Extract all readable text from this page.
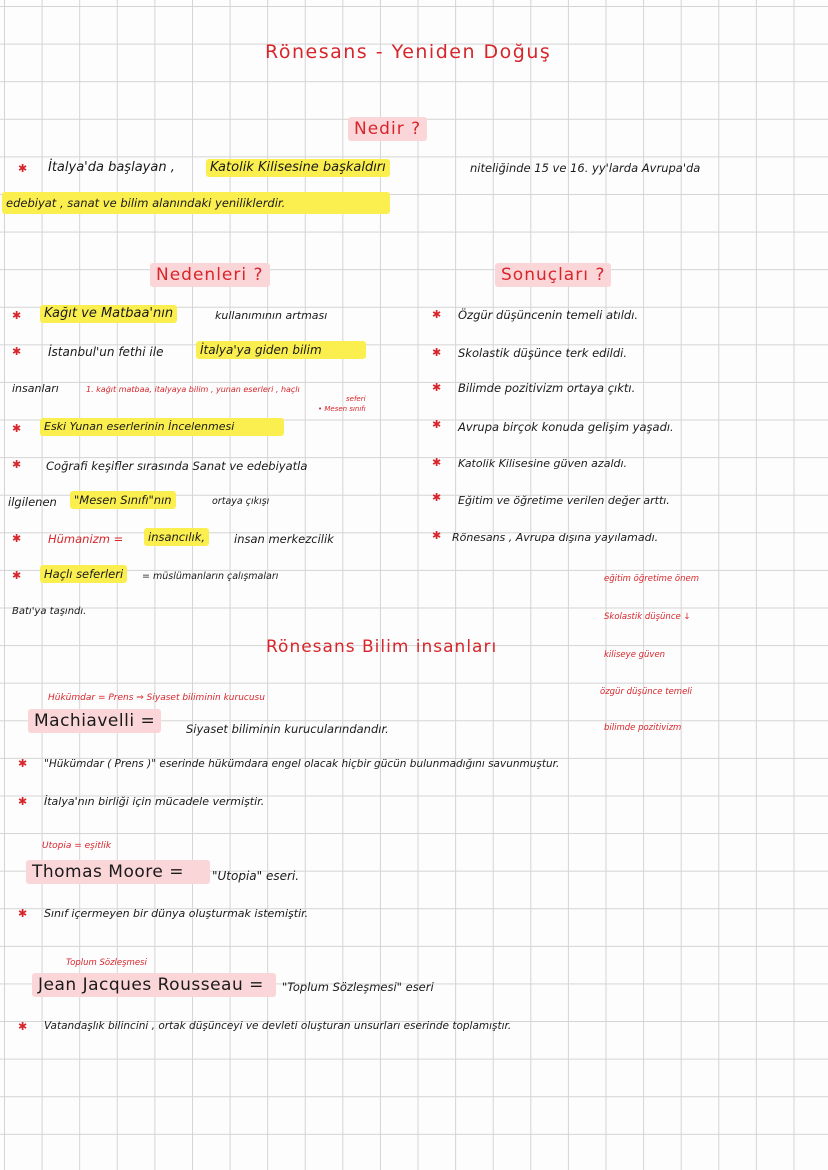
Rönesans - Yeniden Doğuş
Nedir ?
✱ İtalya'da başlayan ,	Katolik Kilisesine başkaldırı	niteliğinde 15 ve 16. yy'larda Avrupa'da
edebiyat , sanat ve bilim alanındaki yeniliklerdir.
Nedenleri ?	Sonuçları ?
✱	Kağıt ve Matbaa'nın	kullanımının artması
✱ İstanbul'un fethi ile	İtalya'ya giden bilim
insanları	1. kağıt matbaa, italyaya bilim , yunan eserleri , haçlı
seferi
• Mesen sınıfı
✱	Eski Yunan eserlerinin İncelenmesi
✱ Coğrafi keşifler sırasında Sanat ve edebiyatla
ilgilenen	"Mesen Sınıfı"nın	ortaya çıkışı
✱ Hümanizm =	insancılık,	insan merkezcilik
✱	Haçlı seferleri	= müslümanların çalışmaları
Batı'ya taşındı.
✱ Özgür düşüncenin temeli atıldı.
✱ Skolastik düşünce terk edildi.
✱ Bilimde pozitivizm ortaya çıktı.
✱ Avrupa birçok konuda gelişim yaşadı.
✱ Katolik Kilisesine güven azaldı.
✱ Eğitim ve öğretime verilen değer arttı.
✱ Rönesans , Avrupa dışına yayılamadı.
eğitim öğretime önem
Skolastik düşünce ↓
kiliseye güven
özgür düşünce temeli
bilimde pozitivizm
Rönesans Bilim insanları
Hükümdar = Prens ⇒ Siyaset biliminin kurucusu
Machiavelli =	Siyaset biliminin kurucularındandır.
✱ "Hükümdar ( Prens )" eserinde hükümdara engel olacak hiçbir gücün bulunmadığını savunmuştur.
✱ İtalya'nın birliği için mücadele vermiştir.
Utopia = eşitlik
Thomas Moore =	"Utopia" eseri.
✱ Sınıf içermeyen bir dünya oluşturmak istemiştir.
Toplum Sözleşmesi
Jean Jacques Rousseau =	"Toplum Sözleşmesi" eseri
✱ Vatandaşlık bilincini , ortak düşünceyi ve devleti oluşturan unsurları eserinde toplamıştır.
